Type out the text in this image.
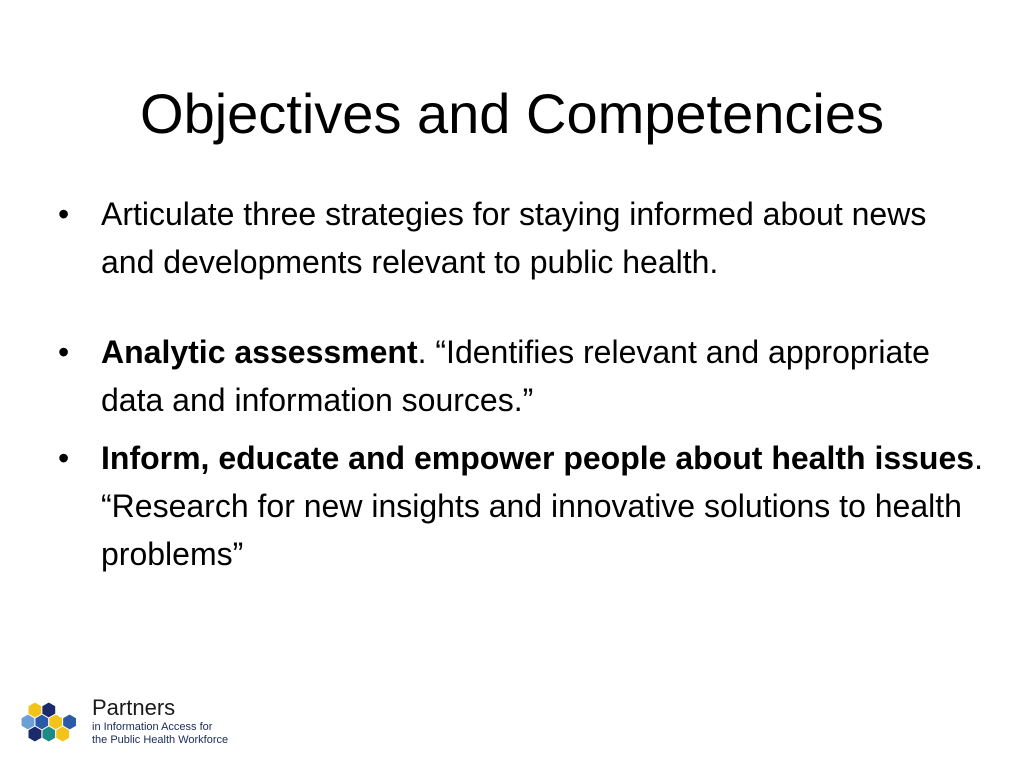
Objectives and Competencies
• Articulate three strategies for staying informed about news and developments relevant to public health.
• Analytic assessment. “Identifies relevant and appropriate data and information sources.”
• Inform, educate and empower people about health issues. “Research for new insights and innovative solutions to health problems”
Partners
in Information Access for
the Public Health Workforce
